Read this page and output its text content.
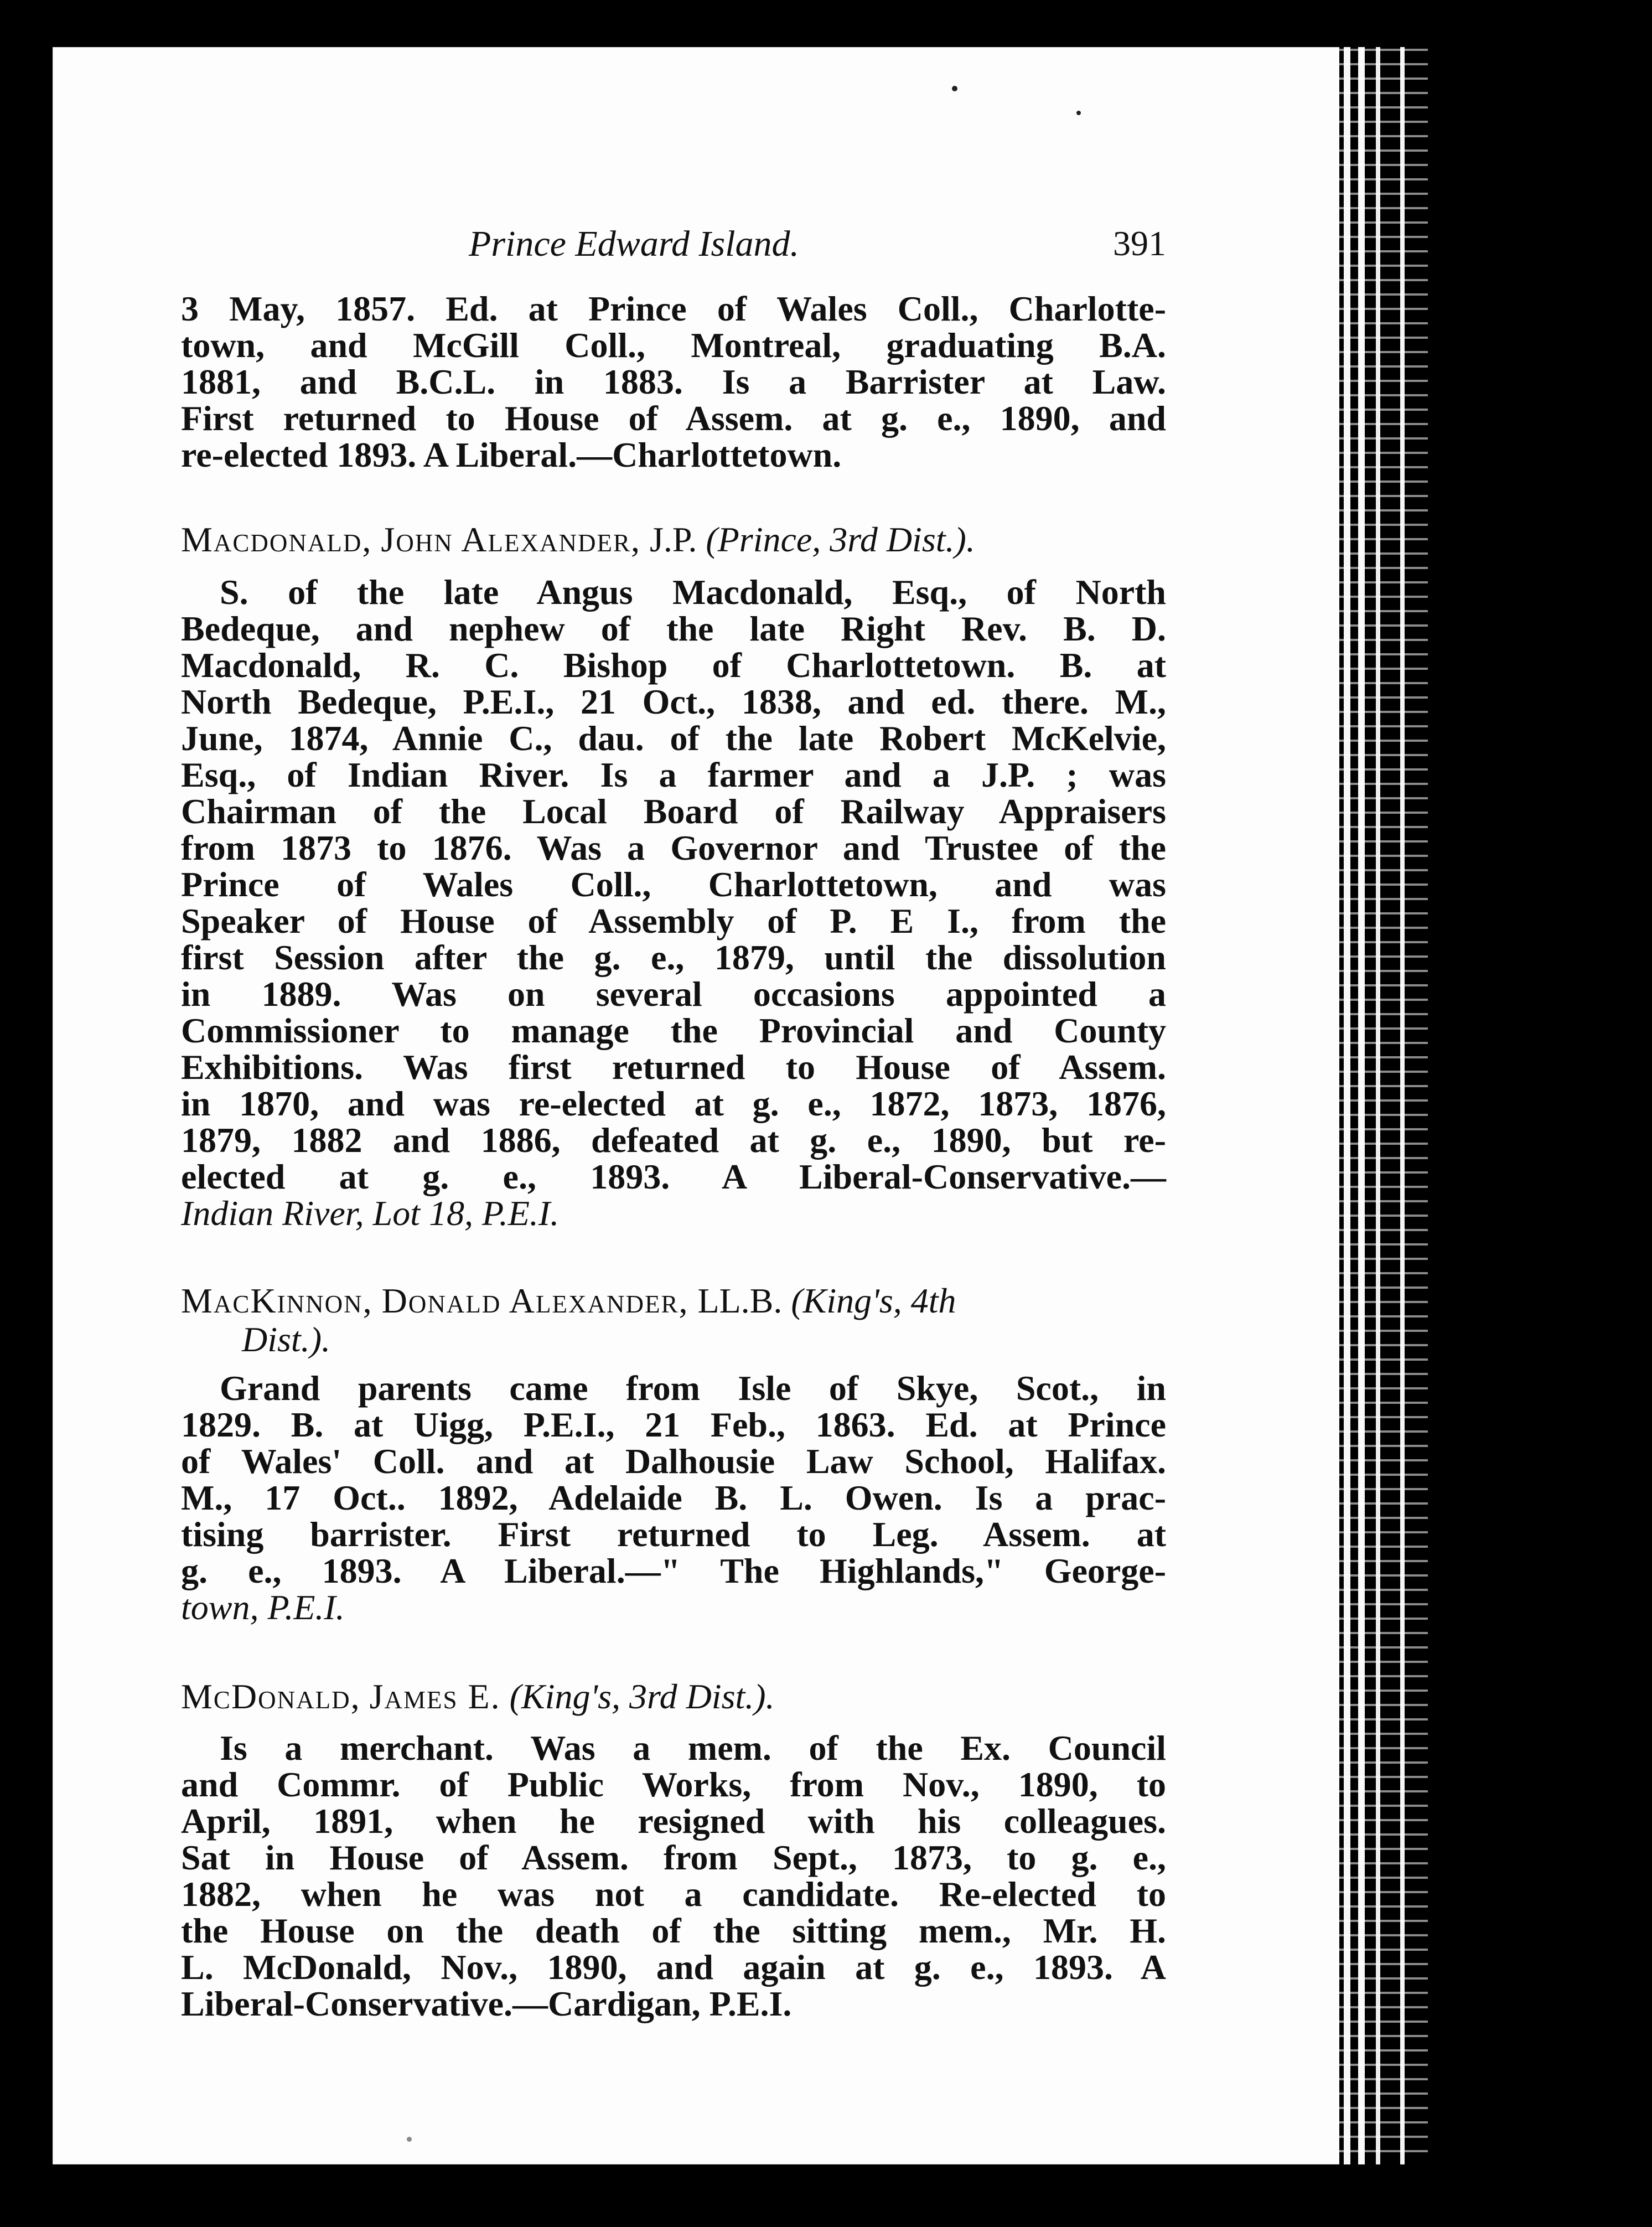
Prince Edward Island.	391
3 May, 1857. Ed. at Prince of Wales Coll., Charlotte-
town, and McGill Coll., Montreal, graduating B.A.
1881, and B.C.L. in 1883. Is a Barrister at Law.
First returned to House of Assem. at g. e., 1890, and
re-elected 1893. A Liberal.—Charlottetown.
Macdonald, John Alexander, J.P. (Prince, 3rd Dist.).
S. of the late Angus Macdonald, Esq., of North
Bedeque, and nephew of the late Right Rev. B. D.
Macdonald, R. C. Bishop of Charlottetown. B. at
North Bedeque, P.E.I., 21 Oct., 1838, and ed. there. M.,
June, 1874, Annie C., dau. of the late Robert McKelvie,
Esq., of Indian River. Is a farmer and a J.P. ; was
Chairman of the Local Board of Railway Appraisers
from 1873 to 1876. Was a Governor and Trustee of the
Prince of Wales Coll., Charlottetown, and was
Speaker of House of Assembly of P. E I., from the
first Session after the g. e., 1879, until the dissolution
in 1889. Was on several occasions appointed a
Commissioner to manage the Provincial and County
Exhibitions. Was first returned to House of Assem.
in 1870, and was re-elected at g. e., 1872, 1873, 1876,
1879, 1882 and 1886, defeated at g. e., 1890, but re-
elected at g. e., 1893. A Liberal-Conservative.—
Indian River, Lot 18, P.E.I.
MacKinnon, Donald Alexander, LL.B. (King's, 4th
Dist.).
Grand parents came from Isle of Skye, Scot., in
1829. B. at Uigg, P.E.I., 21 Feb., 1863. Ed. at Prince
of Wales' Coll. and at Dalhousie Law School, Halifax.
M., 17 Oct.. 1892, Adelaide B. L. Owen. Is a prac-
tising barrister. First returned to Leg. Assem. at
g. e., 1893. A Liberal.—" The Highlands," George-
town, P.E.I.
McDonald, James E. (King's, 3rd Dist.).
Is a merchant. Was a mem. of the Ex. Council
and Commr. of Public Works, from Nov., 1890, to
April, 1891, when he resigned with his colleagues.
Sat in House of Assem. from Sept., 1873, to g. e.,
1882, when he was not a candidate. Re-elected to
the House on the death of the sitting mem., Mr. H.
L. McDonald, Nov., 1890, and again at g. e., 1893. A
Liberal-Conservative.—Cardigan, P.E.I.
